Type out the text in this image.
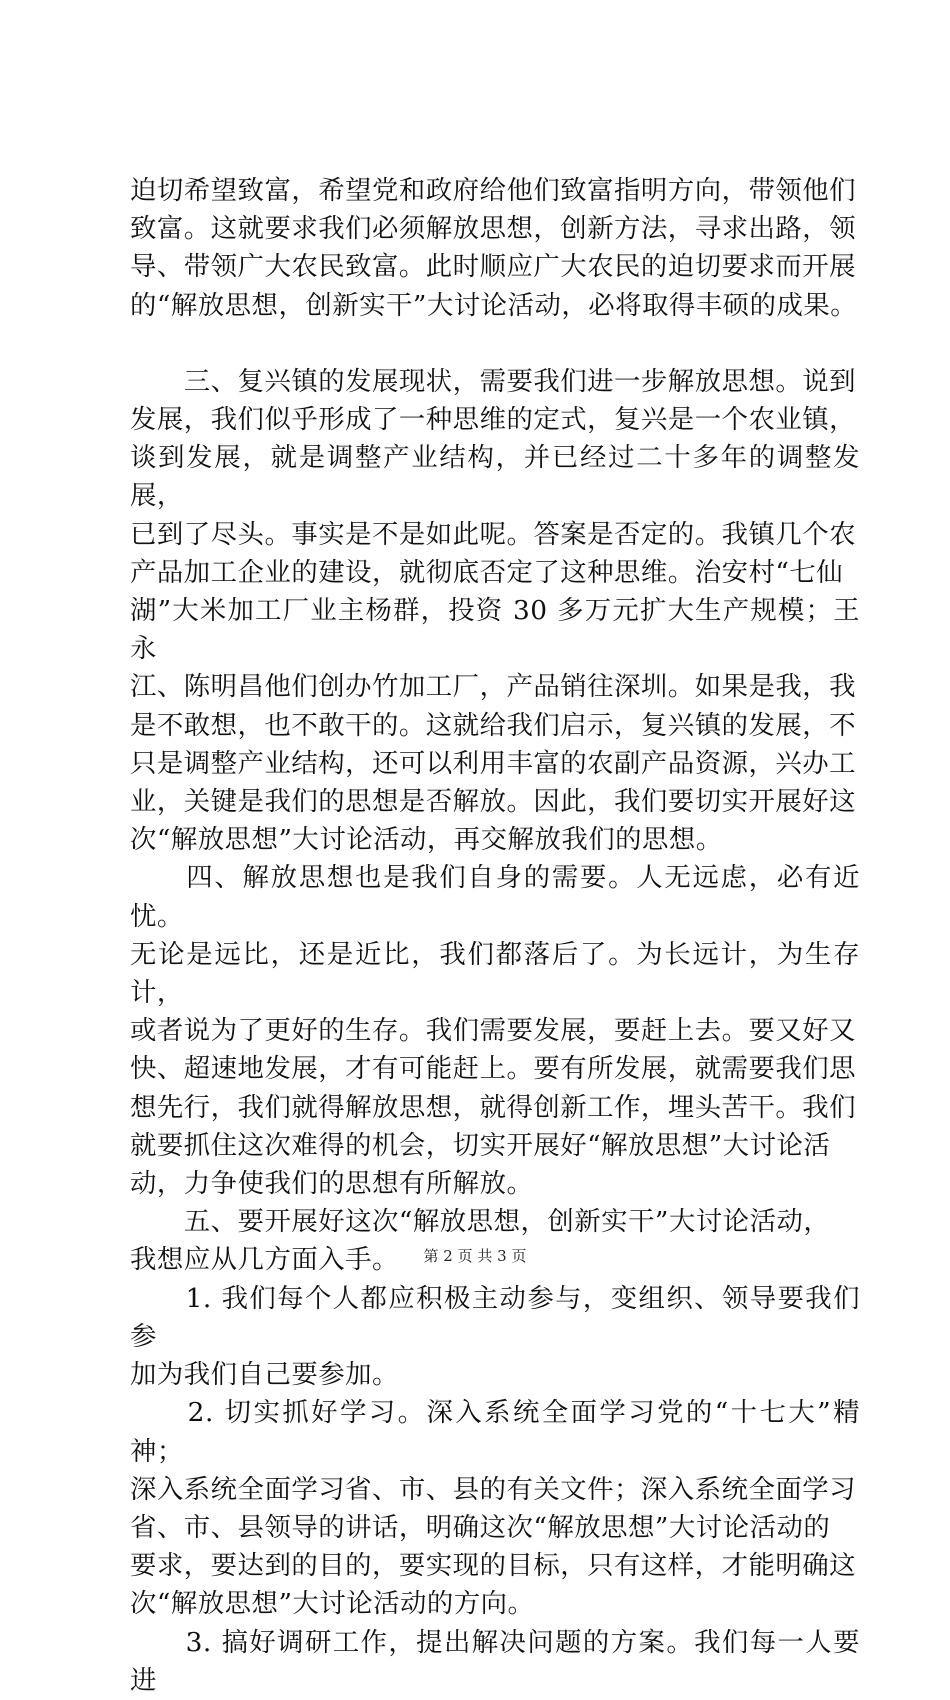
迫切希望致富，希望党和政府给他们致富指明方向，带领他们
致富。这就要求我们必须解放思想，创新方法，寻求出路，领
导、带领广大农民致富。此时顺应广大农民的迫切要求而开展
的“解放思想，创新实干”大讨论活动，必将取得丰硕的成果。

　　三、复兴镇的发展现状，需要我们进一步解放思想。说到
发展，我们似乎形成了一种思维的定式，复兴是一个农业镇，
谈到发展，就是调整产业结构，并已经过二十多年的调整发展，
已到了尽头。事实是不是如此呢。答案是否定的。我镇几个农
产品加工企业的建设，就彻底否定了这种思维。治安村“七仙
湖”大米加工厂业主杨群，投资 30 多万元扩大生产规模；王永
江、陈明昌他们创办竹加工厂，产品销往深圳。如果是我，我
是不敢想，也不敢干的。这就给我们启示，复兴镇的发展，不
只是调整产业结构，还可以利用丰富的农副产品资源，兴办工
业，关键是我们的思想是否解放。因此，我们要切实开展好这
次“解放思想”大讨论活动，再交解放我们的思想。

　　四、解放思想也是我们自身的需要。人无远虑，必有近忧。
无论是远比，还是近比，我们都落后了。为长远计，为生存计，
或者说为了更好的生存。我们需要发展，要赶上去。要又好又
快、超速地发展，才有可能赶上。要有所发展，就需要我们思
想先行，我们就得解放思想，就得创新工作，埋头苦干。我们
就要抓住这次难得的机会，切实开展好“解放思想”大讨论活
动，力争使我们的思想有所解放。

　　五、要开展好这次“解放思想，创新实干”大讨论活动，
我想应从几方面入手。

　　1. 我们每个人都应积极主动参与，变组织、领导要我们参
加为我们自己要参加。

　　2. 切实抓好学习。深入系统全面学习党的“十七大”精神；
深入系统全面学习省、市、县的有关文件；深入系统全面学习
省、市、县领导的讲话，明确这次“解放思想”大讨论活动的
要求，要达到的目的，要实现的目标，只有这样，才能明确这
次“解放思想”大讨论活动的方向。

　　3. 搞好调研工作，提出解决问题的方案。我们每一人要进

第 2 页 共 3 页
